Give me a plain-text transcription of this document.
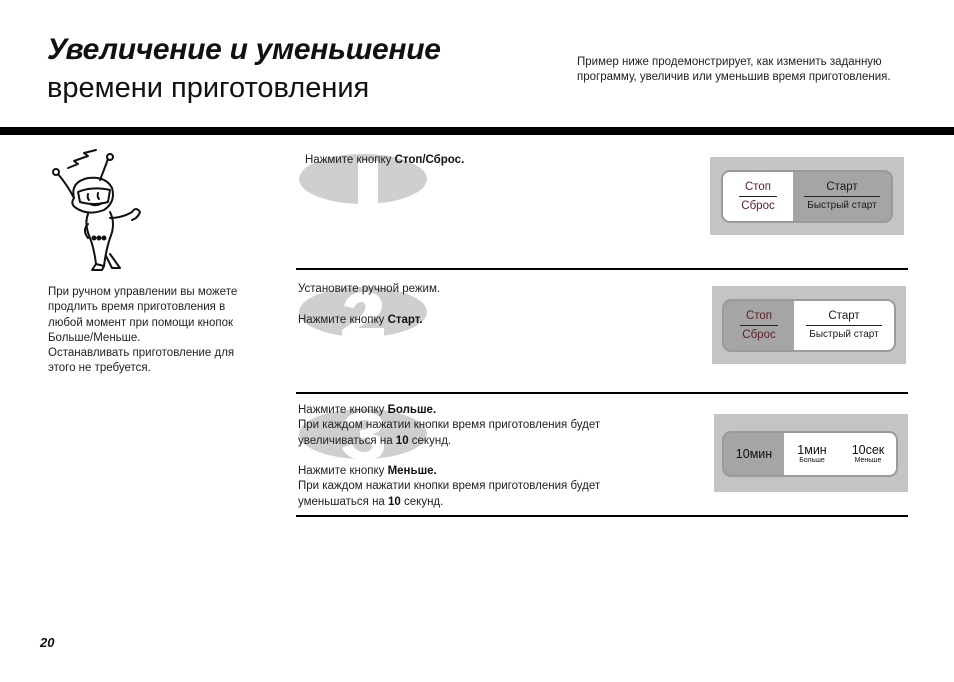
Увеличение и уменьшение
времени приготовления
Пример ниже продемонстрирует, как изменить заданную программу, увеличив или уменьшив время приготовления.
При ручном управлении вы можете
продлить время приготовления в
любой момент при помощи кнопок
Больше/Меньше.
Останавливать приготовление для
этого не требуется.
Нажмите кнопку Стоп/Сброс.
Стоп
Сброс
Старт
Быстрый старт
Установите ручной режим.
Нажмите кнопку Старт.	Стоп
Сброс
Старт
Быстрый старт
Нажмите кнопку Больше.
При каждом нажатии кнопки время приготовления будет
увеличиваться на 10 секунд.
Нажмите кнопку Меньше.
При каждом нажатии кнопки время приготовления будет
уменьшаться на 10 секунд.
10мин 1мин
Больше
10сек
Меньше
20
